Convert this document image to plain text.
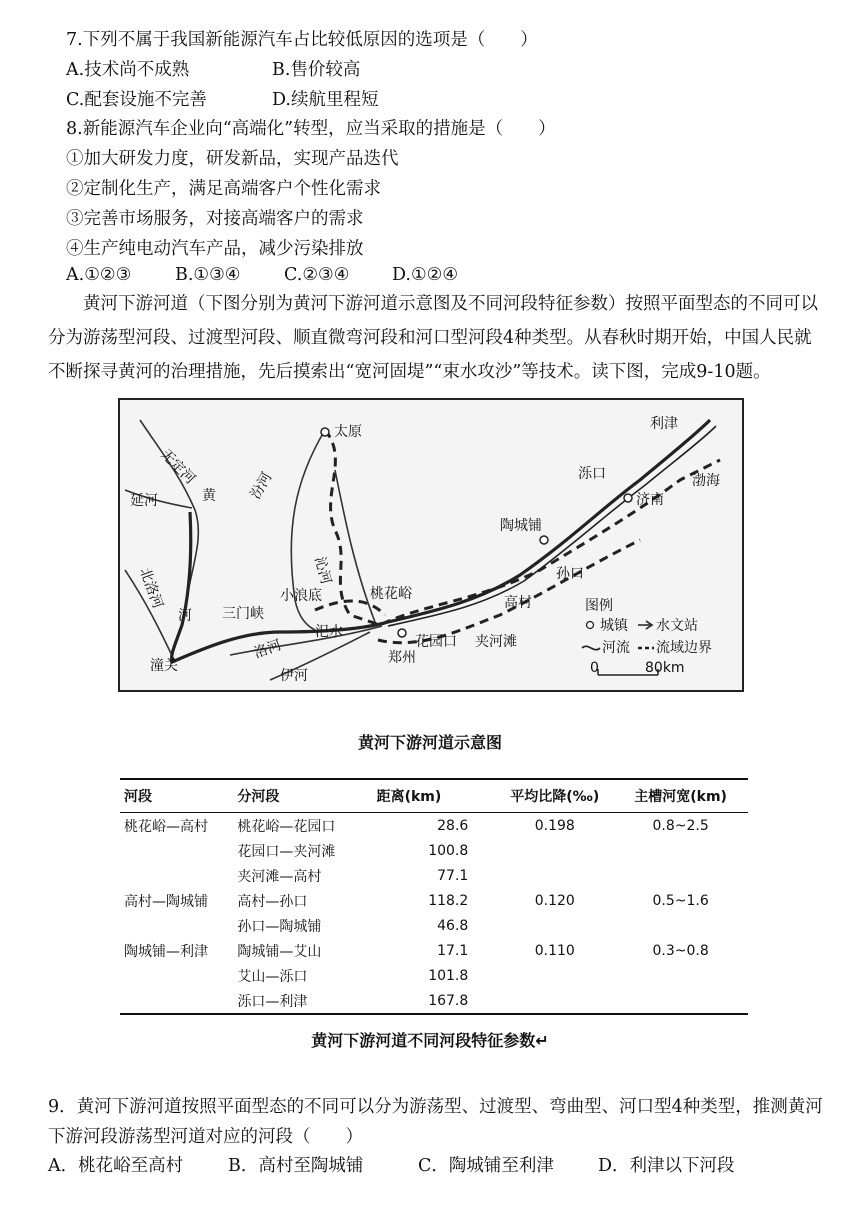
7.下列不属于我国新能源汽车占比较低原因的选项是（　　）
A.技术尚不成熟	B.售价较高
C.配套设施不完善	D.续航里程短
8.新能源汽车企业向“高端化”转型，应当采取的措施是（　　）
①加大研发力度，研发新品，实现产品迭代
②定制化生产，满足高端客户个性化需求
③完善市场服务，对接高端客户的需求
④生产纯电动汽车产品，减少污染排放
A.①②③ B.①③④ C.②③④ D.①②④
黄河下游河道（下图分别为黄河下游河道示意图及不同河段特征参数）按照平面型态的不同可以分为游荡型河段、过渡型河段、顺直微弯河段和河口型河段4种类型。从春秋时期开始，中国人民就不断探寻黄河的治理措施，先后摸索出“宽河固堤”“束水攻沙”等技术。读下图，完成9-10题。
无定河
太原	利津
渤海
延河	黄 汾河	泺口
济南
陶城铺
北洛河	沁河	孙口
小浪底	桃花峪
高村
河 三门峡
洛河
汜水
花园口 夹河滩
潼关
伊河
郑州
图例
城镇 水文站
河流 流域边界
0	80km
黄河下游河道示意图
河段	分河段	距离(km)	平均比降(‰)	主槽河宽(km)
桃花峪—高村	桃花峪—花园口	28.6	0.198	0.8~2.5
	花园口—夹河滩	100.8		
	夹河滩—高村	77.1		
高村—陶城铺	高村—孙口	118.2	0.120	0.5~1.6
	孙口—陶城铺	46.8		
陶城铺—利津	陶城铺—艾山	17.1	0.110	0.3~0.8
	艾山—泺口	101.8		
	泺口—利津	167.8		
黄河下游河道不同河段特征参数↵
9．黄河下游河道按照平面型态的不同可以分为游荡型、过渡型、弯曲型、河口型4种类型，推测黄河下游河段游荡型河道对应的河段（　　）
A．桃花峪至高村	B．高村至陶城铺	C．陶城铺至利津	D．利津以下河段
